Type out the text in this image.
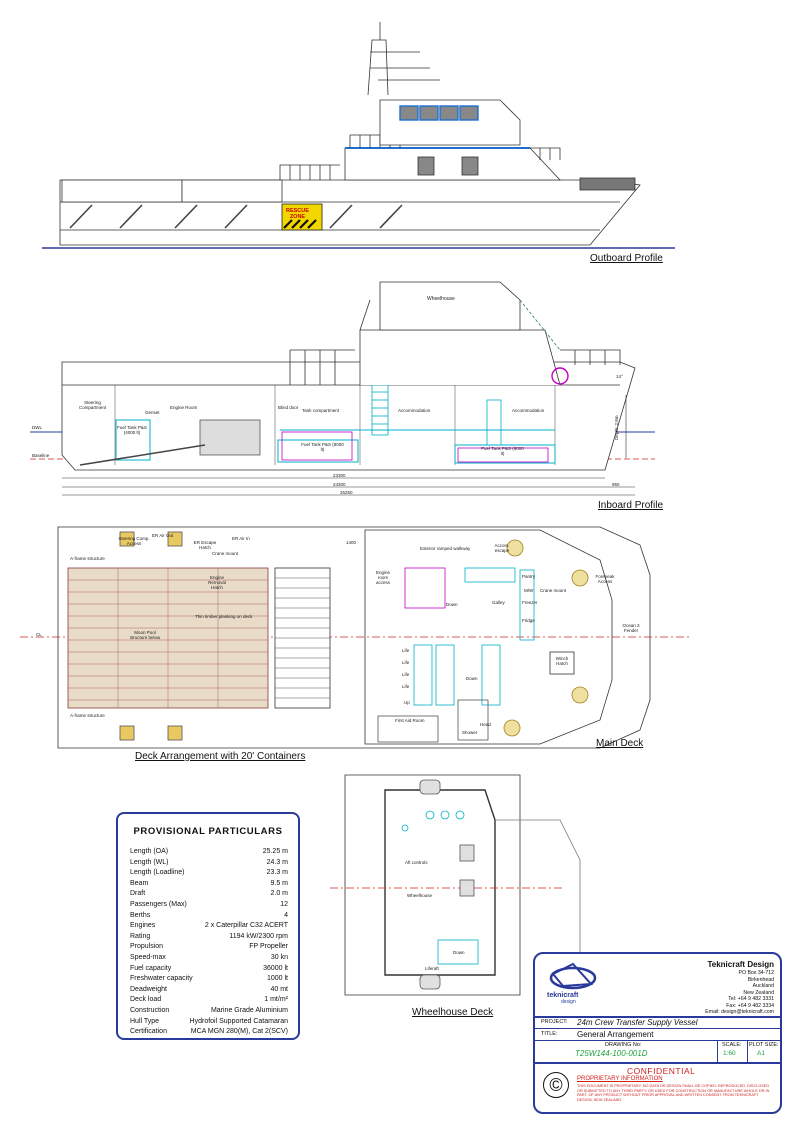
Outboard Profile
Inboard Profile
Deck Arrangement with 20' Containers
Main Deck
Wheelhouse Deck
RESCUE
ZONE
Wheelhouse
Steering Compartment
Genset
Engine Room
Fuel Tank P&S (4000 lt)
Blind door
Tank compartment
Fuel Tank P&S (8000 lt)
Accommodation	Accommodation
Fuel Tank P&S (6000 lt)
DWL
Baseline
Depth: 2.8m
14°
23300
24300
25250
950
Steering Comp. Access
ER Air Out
ER Escape Hatch
ER Air In
Crane mount
1400
A-frame structure
Engine Removal Hatch
Thin timber planking on deck
Moon Pool structure below
A-frame structure
Exterior ramped walkway
Accom. escape
Engine room access
Down	Galley
Pantry
M/W
Freezer
Fridge
Crane mount
Forepeak Access
Ocean 3 Fender
Winch Hatch
Life
Life
Life
Life
Down
Up
First Aid Room
Head
Shower
CL
Aft controls
Wheelhouse
Down
Liferaft
PROVISIONAL PARTICULARS
Length (OA)	25.25 m
Length (WL)	24.3 m
Length (Loadline)	23.3 m
Beam	9.5 m
Draft	2.0 m
Passengers (Max)	12
Berths	4
Engines	2 x Caterpillar C32 ACERT
Rating	1194 kW/2300 rpm
Propulsion	FP Propeller
Speed-max	30 kn
Fuel capacity	36000 lt
Freshwater capacity	1000 lt
Deadweight	40 mt
Deck load	1 mt/m²
Construction	Marine Grade Aluminium
Hull Type	Hydrofoil Supported Catamaran
Certification	MCA MGN 280(M), Cat 2(SCV)
teknicraft
design
Teknicraft Design
PO Box 34-712
Birkenhead
Auckland
New Zealand
Tel: +64 9 482 3331
Fax: +64 9 482 3334
Email: design@teknicraft.com
PROJECT: 24m Crew Transfer Supply Vessel
TITLE: General Arrangement
DRAWING No:
T25W144-100-001D
SCALE:
1:60
PLOT SIZE:
A1
CONFIDENTIAL
PROPRIETARY INFORMATION
THIS DOCUMENT IS PROPRIETARY. NO DATA OR DESIGN SHALL BE COPIED, REPRODUCED, DISCLOSED OR SUBMITTED TO ANY THIRD PARTY, OR USED FOR CONSTRUCTION OR MANUFACTURE WHOLE OR IN PART, OF ANY PRODUCT WITHOUT PRIOR APPROVAL AND WRITTEN CONSENT FROM TEKNICRAFT DESIGN, NEW ZEALAND
©
